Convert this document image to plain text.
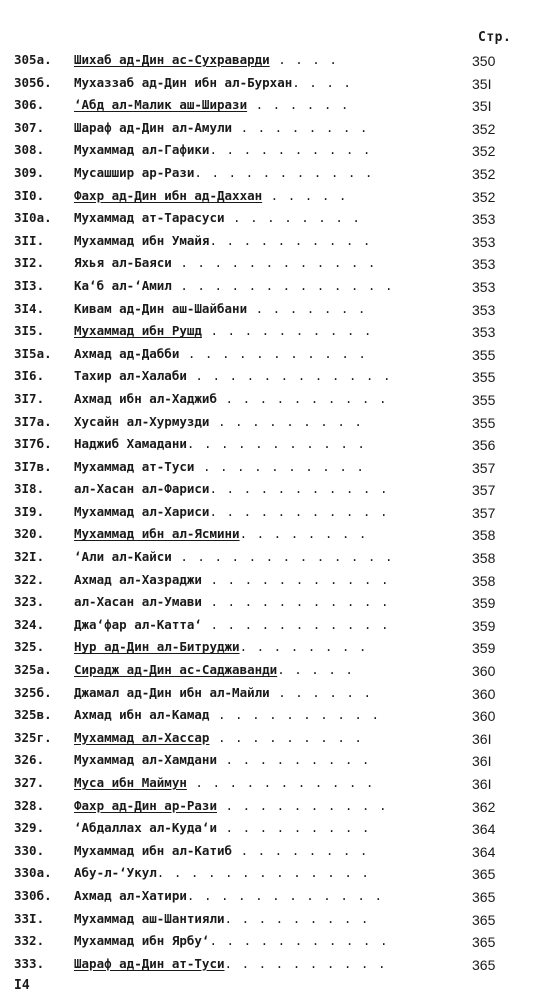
Стр.
305а. Шихаб ад-Дин ас-Сухраварди . . . .	350
305б. Мухаззаб ад-Дин ибн ал-Бурхан. . . .	35I
306. ‘Абд ал-Малик аш-Ширази . . . . . .	35I
307. Шараф ад-Дин ал-Амули . . . . . . . .	352
308. Мухаммад ал-Гафики. . . . . . . . . .	352
309. Мусашшир ар-Рази. . . . . . . . . . .	352
3I0. Фахр ад-Дин ибн ад-Даххан . . . . .	352
3I0а. Мухаммад ат-Тарасуси . . . . . . . .	353
3II. Мухаммад ибн Умайя. . . . . . . . . .	353
3I2. Яхья ал-Баяси . . . . . . . . . . . .	353
3I3. Ка‘б ал-‘Амил . . . . . . . . . . . . .	353
3I4. Кивам ад-Дин аш-Шайбани . . . . . . .	353
3I5. Мухаммад ибн Рушд . . . . . . . . . .	353
3I5а. Ахмад ад-Дабби . . . . . . . . . . .	355
3I6. Тахир ал-Халаби . . . . . . . . . . . .	355
3I7. Ахмад ибн ал-Хаджиб . . . . . . . . . .	355
3I7а. Хусайн ал-Хурмузди . . . . . . . . .	355
3I7б. Наджиб Хамадани. . . . . . . . . . .	356
3I7в. Мухаммад ат-Туси . . . . . . . . . .	357
3I8. ал-Хасан ал-Фариси. . . . . . . . . . .	357
3I9. Мухаммад ал-Хариси. . . . . . . . . . .	357
320. Мухаммад ибн ал-Ясмини. . . . . . . .	358
32I. ‘Али ал-Кайси . . . . . . . . . . . . .	358
322. Ахмад ал-Хазраджи . . . . . . . . . . .	358
323. ал-Хасан ал-Умави . . . . . . . . . . .	359
324. Джа‘фар ал-Катта‘ . . . . . . . . . . .	359
325. Нур ад-Дин ал-Битруджи. . . . . . . .	359
325а. Сирадж ад-Дин ас-Саджаванди. . . . .	360
325б. Джамал ад-Дин ибн ал-Майли . . . . . .	360
325в. Ахмад ибн ал-Камад . . . . . . . . . .	360
325г. Мухаммад ал-Хассар . . . . . . . . .	36I
326. Мухаммад ал-Хамдани . . . . . . . . .	36I
327. Муса ибн Маймун . . . . . . . . . . .	36I
328. Фахр ад-Дин ар-Рази . . . . . . . . . .	362
329. ‘Абдаллах ал-Куда‘и . . . . . . . . .	364
330. Мухаммад ибн ал-Катиб . . . . . . . .	364
330а. Абу-л-‘Укул. . . . . . . . . . . . .	365
330б. Ахмад ал-Хатири. . . . . . . . . . . .	365
33I. Мухаммад аш-Шантияли. . . . . . . . .	365
332. Мухаммад ибн Ярбу‘. . . . . . . . . . .	365
333. Шараф ад-Дин ат-Туси. . . . . . . . . .	365
I4
